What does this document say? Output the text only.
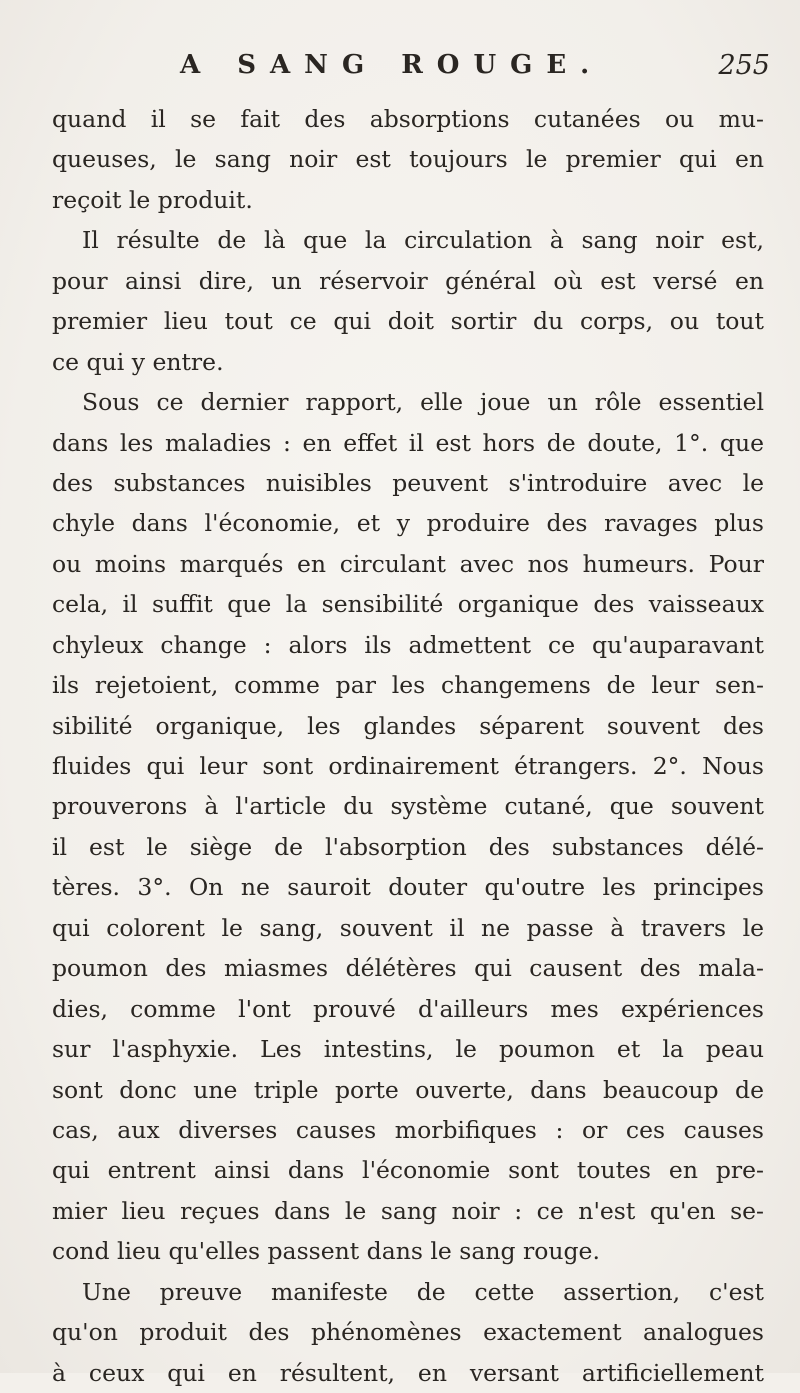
A SANG ROUGE.	255
quand il se fait des absorptions cutanées ou mu-
queuses, le sang noir est toujours le premier qui en
reçoit le produit.
Il résulte de là que la circulation à sang noir est,
pour ainsi dire, un réservoir général où est versé en
premier lieu tout ce qui doit sortir du corps, ou tout
ce qui y entre.
Sous ce dernier rapport, elle joue un rôle essentiel
dans les maladies : en effet il est hors de doute, 1°. que
des substances nuisibles peuvent s'introduire avec le
chyle dans l'économie, et y produire des ravages plus
ou moins marqués en circulant avec nos humeurs. Pour
cela, il suffit que la sensibilité organique des vaisseaux
chyleux change : alors ils admettent ce qu'auparavant
ils rejetoient, comme par les changemens de leur sen-
sibilité organique, les glandes séparent souvent des
fluides qui leur sont ordinairement étrangers. 2°. Nous
prouverons à l'article du système cutané, que souvent
il est le siège de l'absorption des substances délé-
tères. 3°. On ne sauroit douter qu'outre les principes
qui colorent le sang, souvent il ne passe à travers le
poumon des miasmes délétères qui causent des mala-
dies, comme l'ont prouvé d'ailleurs mes expériences
sur l'asphyxie. Les intestins, le poumon et la peau
sont donc une triple porte ouverte, dans beaucoup de
cas, aux diverses causes morbifiques : or ces causes
qui entrent ainsi dans l'économie sont toutes en pre-
mier lieu reçues dans le sang noir : ce n'est qu'en se-
cond lieu qu'elles passent dans le sang rouge.
Une preuve manifeste de cette assertion, c'est
qu'on produit des phénomènes exactement analogues
à ceux qui en résultent, en versant artificiellement
